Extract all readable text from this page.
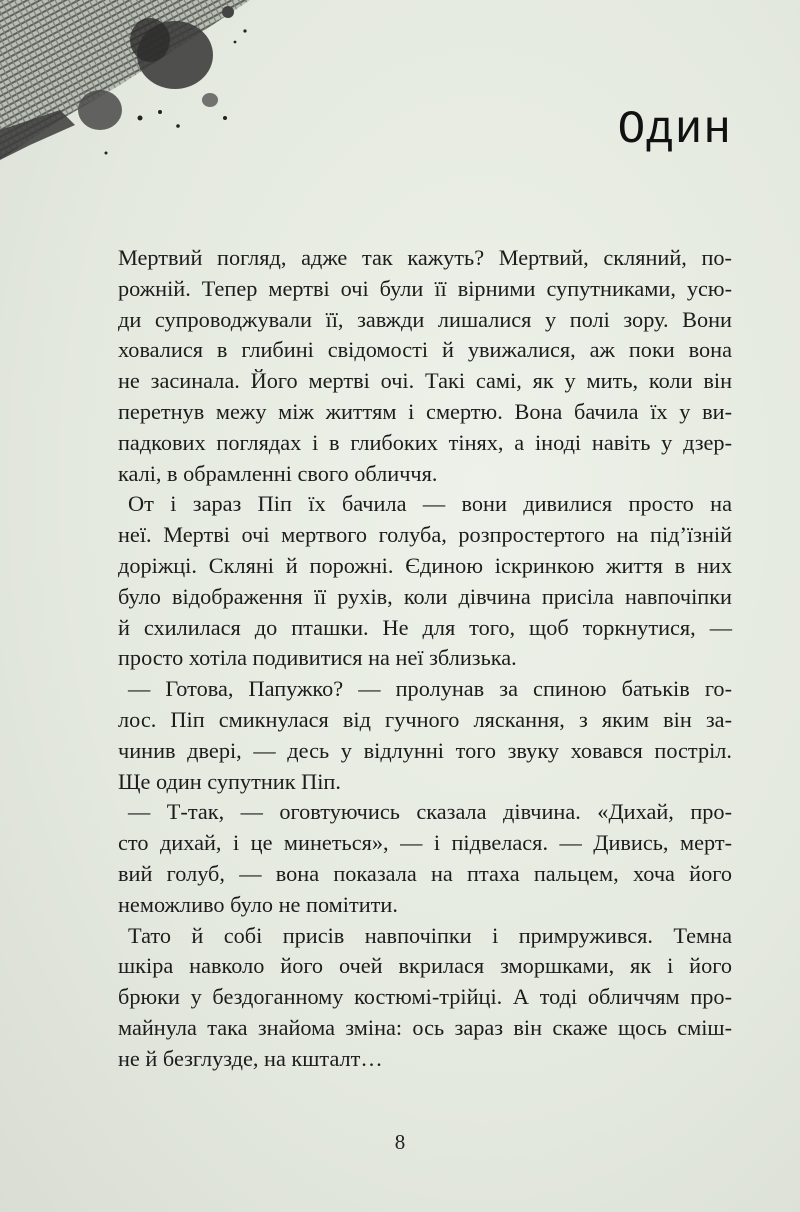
Один
Мертвий погляд, адже так кажуть? Мертвий, скляний, по-
рожній. Тепер мертві очі були її вірними супутниками, усю-
ди супроводжували її, завжди лишалися у полі зору. Вони
ховалися в глибині свідомості й увижалися, аж поки вона
не засинала. Його мертві очі. Такі самі, як у мить, коли він
перетнув межу між життям і смертю. Вона бачила їх у ви-
падкових поглядах і в глибоких тінях, а іноді навіть у дзер-
калі, в обрамленні свого обличчя.
От і зараз Піп їх бачила — вони дивилися просто на
неї. Мертві очі мертвого голуба, розпростертого на під’їзній
доріжці. Скляні й порожні. Єдиною іскринкою життя в них
було відображення її рухів, коли дівчина присіла навпочіпки
й схилилася до пташки. Не для того, щоб торкнутися, —
просто хотіла подивитися на неї зблизька.
— Готова, Папужко? — пролунав за спиною батьків го-
лос. Піп смикнулася від гучного ляскання, з яким він за-
чинив двері, — десь у відлунні того звуку ховався постріл.
Ще один супутник Піп.
— Т-так, — оговтуючись сказала дівчина. «Дихай, про-
сто дихай, і це минеться», — і підвелася. — Дивись, мерт-
вий голуб, — вона показала на птаха пальцем, хоча його
неможливо було не помітити.
Тато й собі присів навпочіпки і примружився. Темна
шкіра навколо його очей вкрилася зморшками, як і його
брюки у бездоганному костюмі-трійці. А тоді обличчям про-
майнула така знайома зміна: ось зараз він скаже щось смiш-
не й безглузде, на кшталт…
8
